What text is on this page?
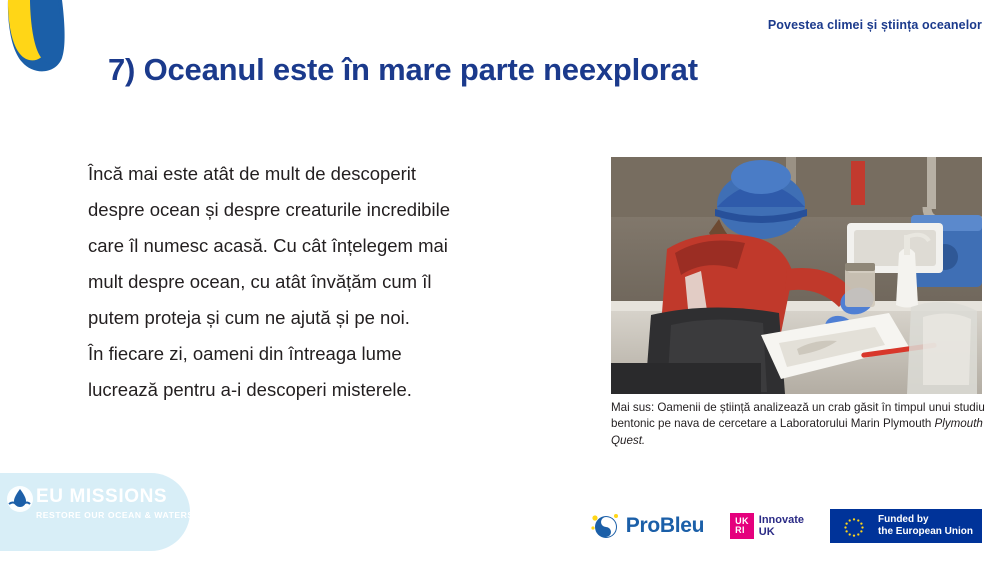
Povestea climei și știința oceanelor
7) Oceanul este în mare parte neexplorat

Încă mai este atât de mult de descoperit

despre ocean și despre creaturile incredibile

care îl numesc acasă. Cu cât înțelegem mai

mult despre ocean, cu atât învățăm cum îl

putem proteja și cum ne ajută și pe noi.

În fiecare zi, oameni din întreaga lume

lucrează pentru a-i descoperi misterele.

Mai sus: Oamenii de știință analizează un crab găsit în timpul unui studiu bentonic pe nava de cercetare a Laboratorului Marin Plymouth Plymouth Quest.
EU MISSIONS
RESTORE OUR OCEAN & WATERS	ProBleu	UK
RI
Innovate
UK
Funded by
the European Union
